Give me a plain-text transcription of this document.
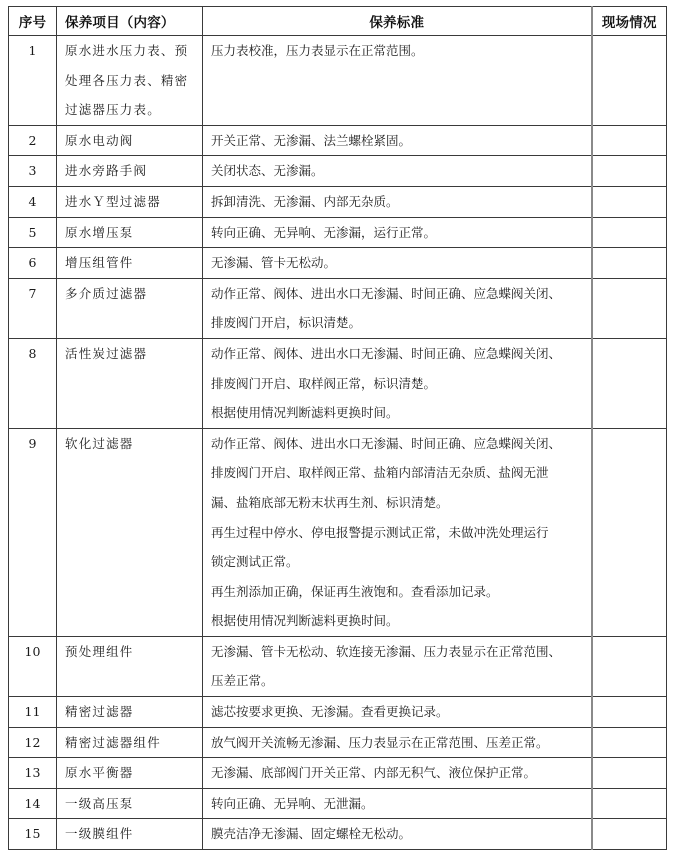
序号	保养项目（内容）	保养标准	现场情况
1	原水进水压力表、预
处理各压力表、精密
过滤器压力表。	压力表校准，压力表显示在正常范围。	

2	原水电动阀	开关正常、无渗漏、法兰螺栓紧固。	

3	进水旁路手阀	关闭状态、无渗漏。	

4	进水Ｙ型过滤器	拆卸清洗、无渗漏、内部无杂质。	

5	原水增压泵	转向正确、无异响、无渗漏，运行正常。	

6	增压组管件	无渗漏、管卡无松动。	

7	多介质过滤器	动作正常、阀体、进出水口无渗漏、时间正确、应急蝶阀关闭、
排废阀门开启，标识清楚。	

8	活性炭过滤器	动作正常、阀体、进出水口无渗漏、时间正确、应急蝶阀关闭、
排废阀门开启、取样阀正常，标识清楚。
根据使用情况判断滤料更换时间。	

9	软化过滤器	动作正常、阀体、进出水口无渗漏、时间正确、应急蝶阀关闭、
排废阀门开启、取样阀正常、盐箱内部清洁无杂质、盐阀无泄
漏、盐箱底部无粉末状再生剂、标识清楚。
再生过程中停水、停电报警提示测试正常，未做冲洗处理运行
锁定测试正常。
再生剂添加正确，保证再生液饱和。查看添加记录。
根据使用情况判断滤料更换时间。

10	预处理组件	无渗漏、管卡无松动、软连接无渗漏、压力表显示在正常范围、
压差正常。	

11	精密过滤器	滤芯按要求更换、无渗漏。查看更换记录。	

12	精密过滤器组件	放气阀开关流畅无渗漏、压力表显示在正常范围、压差正常。	

13	原水平衡器	无渗漏、底部阀门开关正常、内部无积气、液位保护正常。	

14	一级高压泵	转向正确、无异响、无泄漏。	

15	一级膜组件	膜壳洁净无渗漏、固定螺栓无松动。	
